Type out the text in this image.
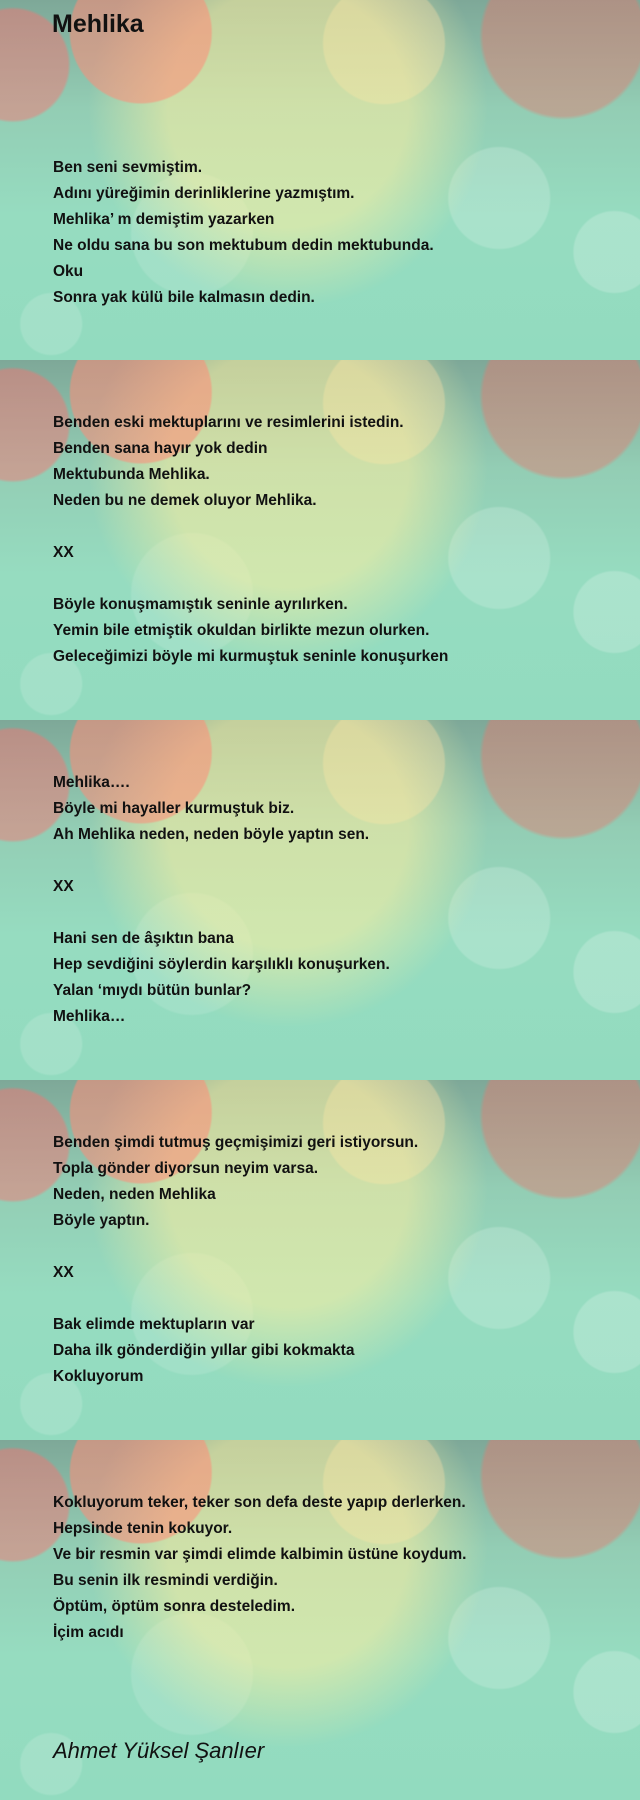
Mehlika
Ben seni sevmiştim.
Adını yüreğimin derinliklerine yazmıştım.
Mehlika’ m demiştim yazarken
Ne oldu sana bu son mektubum dedin mektubunda.
Oku
Sonra yak külü bile kalmasın dedin.
Benden eski mektuplarını ve resimlerini istedin.
Benden sana hayır yok dedin
Mektubunda Mehlika.
Neden bu ne demek oluyor Mehlika.
XX
Böyle konuşmamıştık seninle ayrılırken.
Yemin bile etmiştik okuldan birlikte mezun olurken.
Geleceğimizi böyle mi kurmuştuk seninle konuşurken
Mehlika….
Böyle mi hayaller kurmuştuk biz.
Ah Mehlika neden, neden böyle yaptın sen.
XX
Hani sen de âşıktın bana
Hep sevdiğini söylerdin karşılıklı konuşurken.
Yalan ‘mıydı bütün bunlar?
Mehlika…
Benden şimdi tutmuş geçmişimizi geri istiyorsun.
Topla gönder diyorsun neyim varsa.
Neden, neden Mehlika
Böyle yaptın.
XX
Bak elimde mektupların var
Daha ilk gönderdiğin yıllar gibi kokmakta
Kokluyorum
Kokluyorum teker, teker son defa deste yapıp derlerken.
Hepsinde tenin kokuyor.
Ve bir resmin var şimdi elimde kalbimin üstüne koydum.
Bu senin ilk resmindi verdiğin.
Öptüm, öptüm sonra desteledim.
İçim acıdı
Ahmet Yüksel Şanlıer
